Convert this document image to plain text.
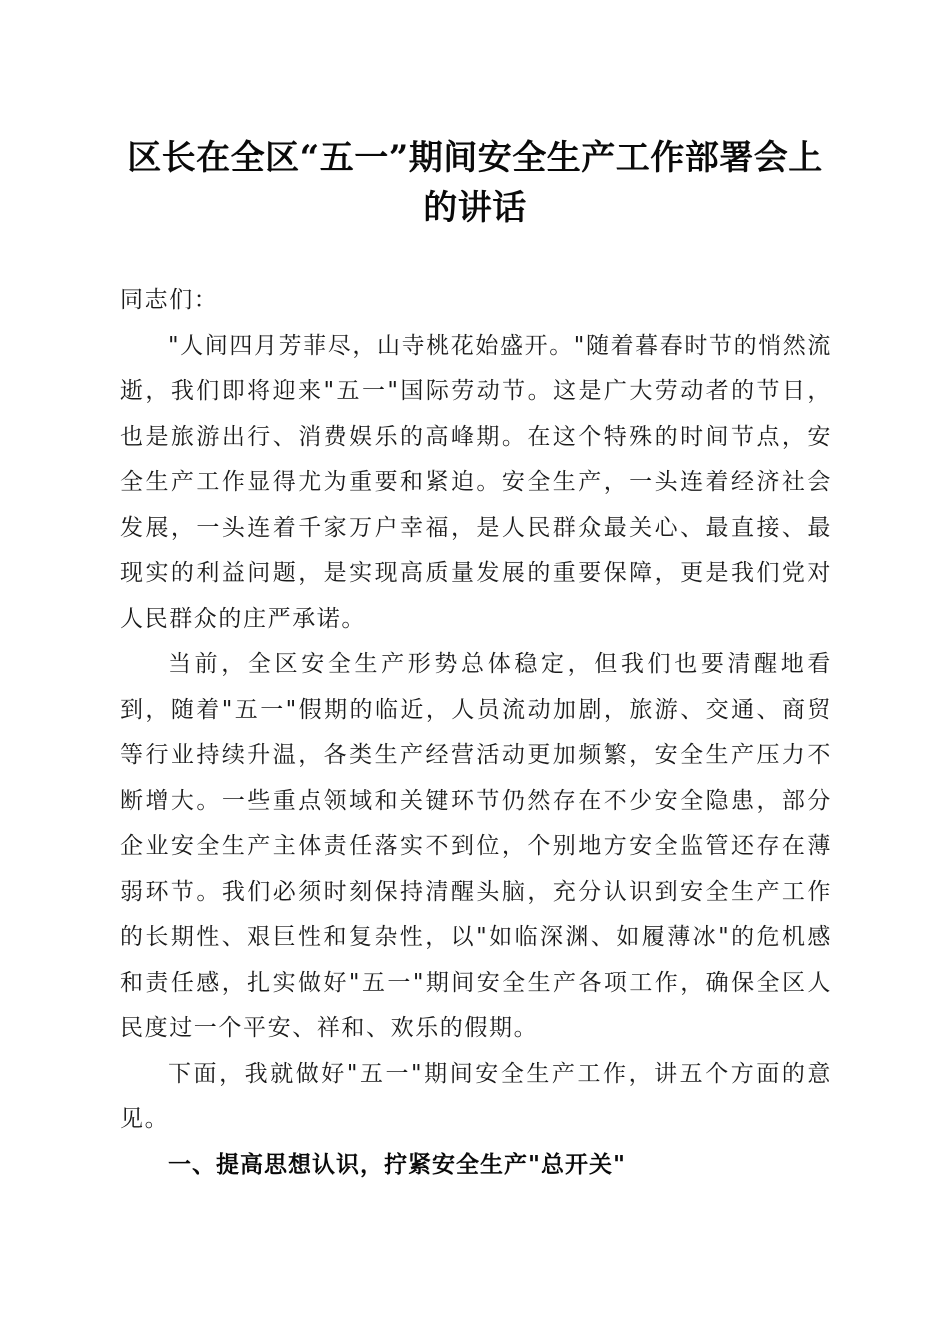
区长在全区“五一”期间安全生产工作部署会上的讲话

同志们：

"人间四月芳菲尽，山寺桃花始盛开。"随着暮春时节的悄然流逝，我们即将迎来"五一"国际劳动节。这是广大劳动者的节日，也是旅游出行、消费娱乐的高峰期。在这个特殊的时间节点，安全生产工作显得尤为重要和紧迫。安全生产，一头连着经济社会发展，一头连着千家万户幸福，是人民群众最关心、最直接、最现实的利益问题，是实现高质量发展的重要保障，更是我们党对人民群众的庄严承诺。

当前，全区安全生产形势总体稳定，但我们也要清醒地看到，随着"五一"假期的临近，人员流动加剧，旅游、交通、商贸等行业持续升温，各类生产经营活动更加频繁，安全生产压力不断增大。一些重点领域和关键环节仍然存在不少安全隐患，部分企业安全生产主体责任落实不到位，个别地方安全监管还存在薄弱环节。我们必须时刻保持清醒头脑，充分认识到安全生产工作的长期性、艰巨性和复杂性，以"如临深渊、如履薄冰"的危机感和责任感，扎实做好"五一"期间安全生产各项工作，确保全区人民度过一个平安、祥和、欢乐的假期。

下面，我就做好"五一"期间安全生产工作，讲五个方面的意见。

一、提高思想认识，拧紧安全生产"总开关"
